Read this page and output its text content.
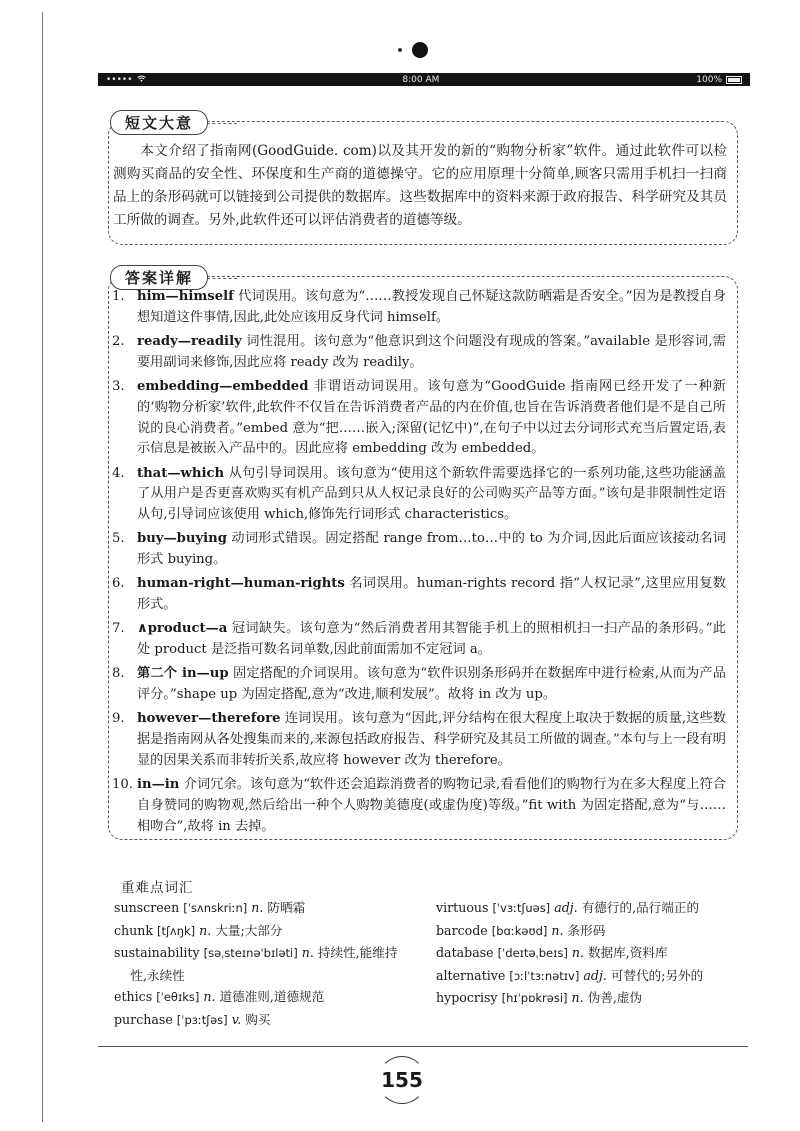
•••••	8:00 AM	100%
短文大意

本文介绍了指南网(GoodGuide. com)以及其开发的新的“购物分析家”软件。通过此软件可以检测购买商品的安全性、环保度和生产商的道德操守。它的应用原理十分简单,顾客只需用手机扫一扫商品上的条形码就可以链接到公司提供的数据库。这些数据库中的资料来源于政府报告、科学研究及其员工所做的调查。另外,此软件还可以评估消费者的道德等级。

答案详解
1. him—himself 代词误用。该句意为“……教授发现自己怀疑这款防晒霜是否安全。”因为是教授自身想知道这件事情,因此,此处应该用反身代词 himself。
2. ready—readily 词性混用。该句意为“他意识到这个问题没有现成的答案。”available 是形容词,需要用副词来修饰,因此应将 ready 改为 readily。
3. embedding—embedded 非谓语动词误用。该句意为“GoodGuide 指南网已经开发了一种新的‘购物分析家’软件,此软件不仅旨在告诉消费者产品的内在价值,也旨在告诉消费者他们是不是自己所说的良心消费者。”embed 意为“把……嵌入;深留(记忆中)”,在句子中以过去分词形式充当后置定语,表示信息是被嵌入产品中的。因此应将 embedding 改为 embedded。
4. that—which 从句引导词误用。该句意为“使用这个新软件需要选择它的一系列功能,这些功能涵盖了从用户是否更喜欢购买有机产品到只从人权记录良好的公司购买产品等方面。”该句是非限制性定语从句,引导词应该使用 which,修饰先行词形式 characteristics。
5. buy—buying 动词形式错误。固定搭配 range from…to…中的 to 为介词,因此后面应该接动名词形式 buying。
6. human-right—human-rights 名词误用。human-rights record 指“人权记录”,这里应用复数形式。
7. ∧product—a 冠词缺失。该句意为“然后消费者用其智能手机上的照相机扫一扫产品的条形码。”此处 product 是泛指可数名词单数,因此前面需加不定冠词 a。
8. 第二个 in—up 固定搭配的介词误用。该句意为“软件识别条形码并在数据库中进行检索,从而为产品评分。”shape up 为固定搭配,意为“改进,顺利发展”。故将 in 改为 up。
9. however—therefore 连词误用。该句意为“因此,评分结构在很大程度上取决于数据的质量,这些数据是指南网从各处搜集而来的,来源包括政府报告、科学研究及其员工所做的调查。”本句与上一段有明显的因果关系而非转折关系,故应将 however 改为 therefore。
10. in—in 介词冗余。该句意为“软件还会追踪消费者的购物记录,看看他们的购物行为在多大程度上符合自身赞同的购物观,然后给出一种个人购物美德度(或虚伪度)等级。”fit with 为固定搭配,意为“与……相吻合”,故将 in 去掉。
重难点词汇
sunscreen [ˈsʌnskriːn] n. 防晒霜
chunk [tʃʌŋk] n. 大量;大部分
sustainability [səˌsteɪnəˈbɪləti] n. 持续性,能维持性,永续性
ethics [ˈeθɪks] n. 道德准则,道德规范
purchase [ˈpɜːtʃəs] v. 购买
virtuous [ˈvɜːtʃuəs] adj. 有德行的,品行端正的
barcode [bɑːkəʊd] n. 条形码
database [ˈdeɪtəˌbeɪs] n. 数据库,资料库
alternative [ɔːlˈtɜːnətɪv] adj. 可替代的;另外的
hypocrisy [hɪˈpɒkrəsi] n. 伪善,虚伪
155
